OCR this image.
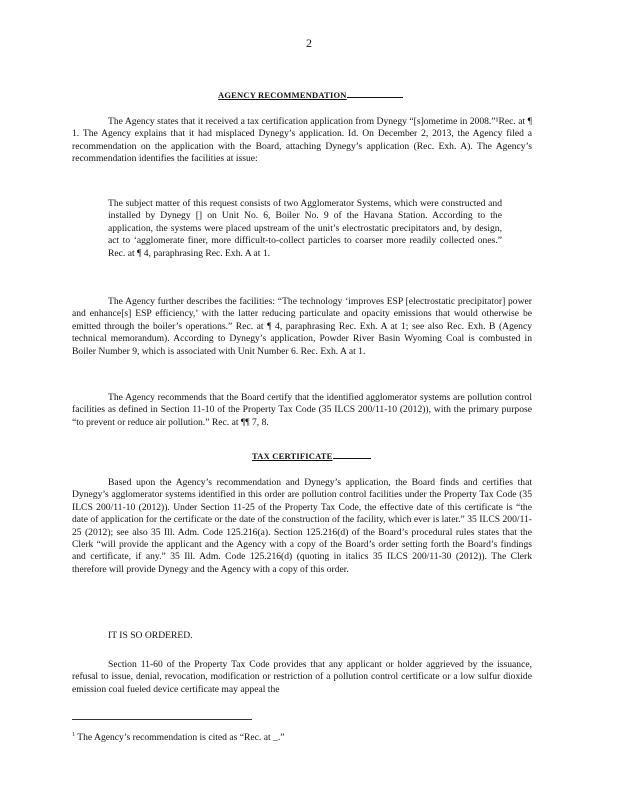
2
AGENCY RECOMMENDATION

The Agency states that it received a tax certification application from Dynegy “[s]ometime in 2008.”¹Rec. at ¶ 1. The Agency explains that it had misplaced Dynegy’s application. Id. On December 2, 2013, the Agency filed a recommendation on the application with the Board, attaching Dynegy’s application (Rec. Exh. A). The Agency’s recommendation identifies the facilities at issue:

The subject matter of this request consists of two Agglomerator Systems, which were constructed and installed by Dynegy [] on Unit No. 6, Boiler No. 9 of the Havana Station. According to the application, the systems were placed upstream of the unit’s electrostatic precipitators and, by design, act to ‘agglomerate finer, more difficult-to-collect particles to coarser more readily collected ones.” Rec. at ¶ 4, paraphrasing Rec. Exh. A at 1.

The Agency further describes the facilities: “The technology ‘improves ESP [electrostatic precipitator] power and enhance[s] ESP efficiency,’ with the latter reducing particulate and opacity emissions that would otherwise be emitted through the boiler’s operations.” Rec. at ¶ 4, paraphrasing Rec. Exh. A at 1; see also Rec. Exh. B (Agency technical memorandum). According to Dynegy’s application, Powder River Basin Wyoming Coal is combusted in Boiler Number 9, which is associated with Unit Number 6. Rec. Exh. A at 1.

The Agency recommends that the Board certify that the identified agglomerator systems are pollution control facilities as defined in Section 11-10 of the Property Tax Code (35 ILCS 200/11-10 (2012)), with the primary purpose “to prevent or reduce air pollution.” Rec. at ¶¶ 7, 8.

TAX CERTIFICATE

Based upon the Agency’s recommendation and Dynegy’s application, the Board finds and certifies that Dynegy’s agglomerator systems identified in this order are pollution control facilities under the Property Tax Code (35 ILCS 200/11-10 (2012)). Under Section 11-25 of the Property Tax Code, the effective date of this certificate is “the date of application for the certificate or the date of the construction of the facility, which ever is later.” 35 ILCS 200/11-25 (2012); see also 35 Ill. Adm. Code 125.216(a). Section 125.216(d) of the Board’s procedural rules states that the Clerk “will provide the applicant and the Agency with a copy of the Board’s order setting forth the Board’s findings and certificate, if any.” 35 Ill. Adm. Code 125.216(d) (quoting in italics 35 ILCS 200/11-30 (2012)). The Clerk therefore will provide Dynegy and the Agency with a copy of this order.

IT IS SO ORDERED.

Section 11-60 of the Property Tax Code provides that any applicant or holder aggrieved by the issuance, refusal to issue, denial, revocation, modification or restriction of a pollution control certificate or a low sulfur dioxide emission coal fueled device certificate may appeal the

$^1$ The Agency’s recommendation is cited as “Rec. at _.”
